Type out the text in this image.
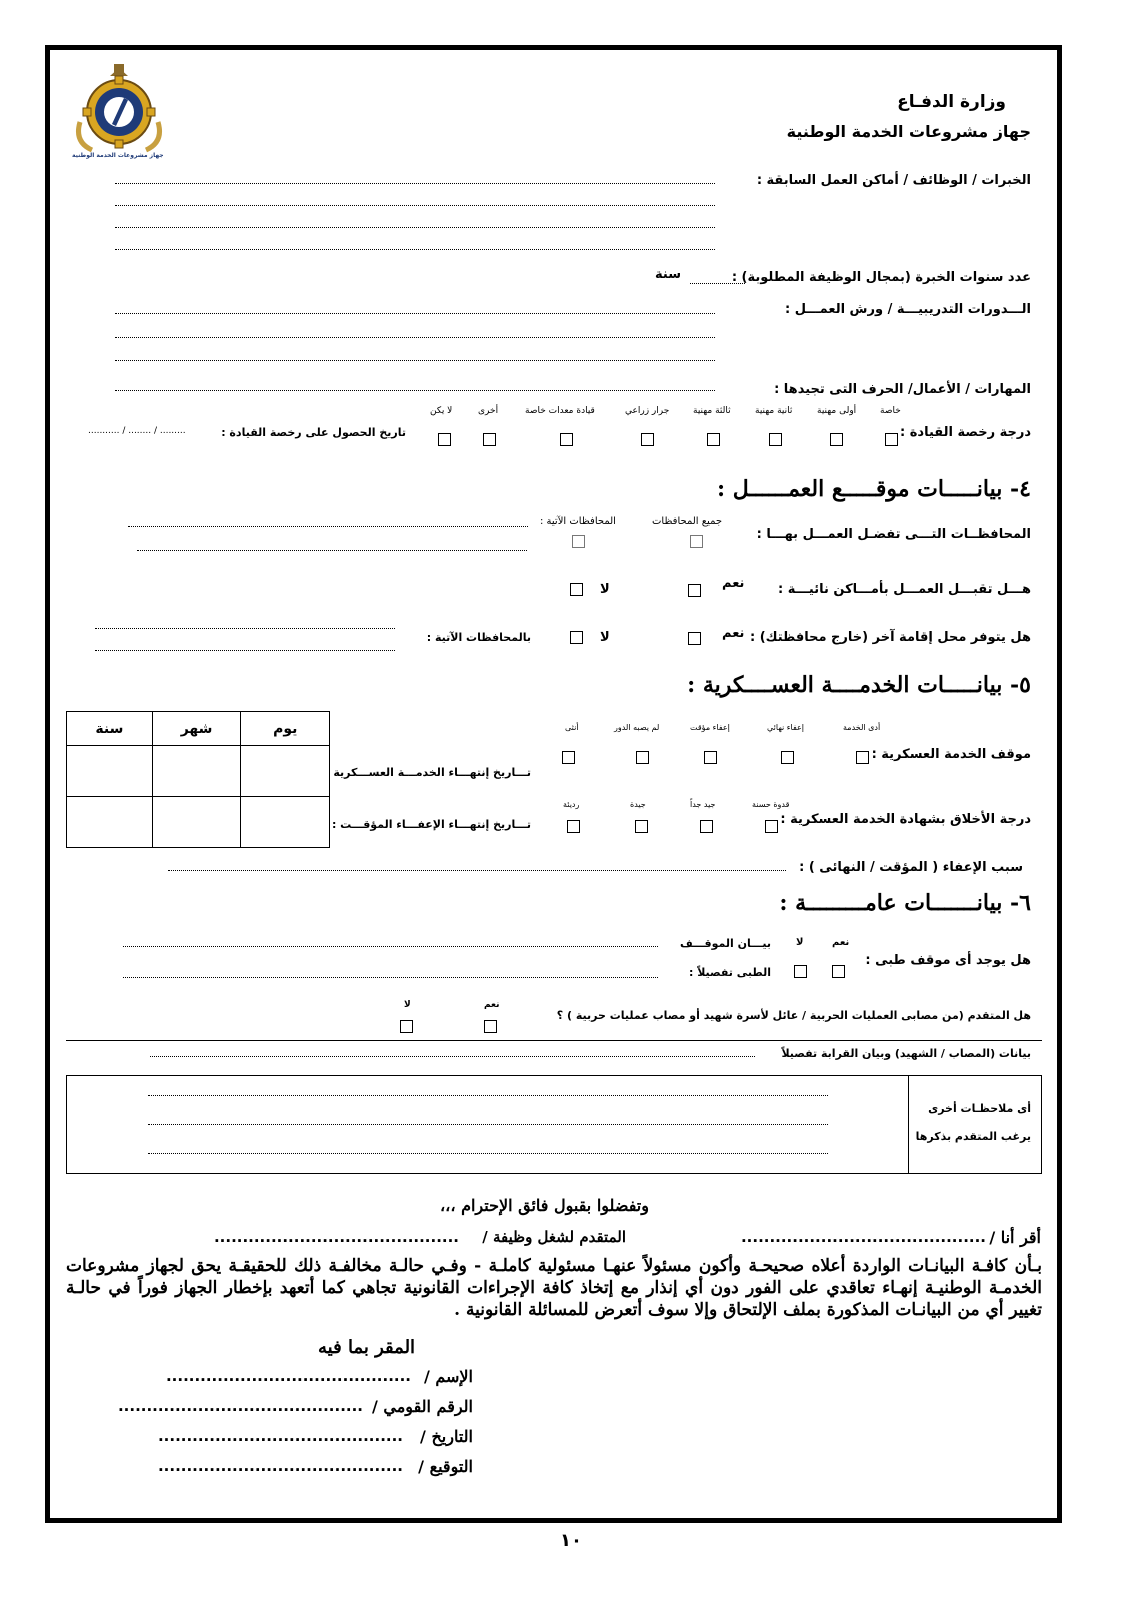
وزارة الدفـاع
جهاز مشروعات الخدمة الوطنية
جهاز مشروعات الخدمة الوطنية
الخبرات / الوظائف / أماكن العمل السابقة :
عدد سنوات الخبرة (بمجال الوظيفة المطلوبة) :
سنة
الـــدورات التدريبيـــة / ورش العمـــل :
المهارات / الأعمال/ الحرف التى تجيدها :
درجة رخصة القيادة :
خاصة
أولى مهنية
ثانية مهنية
ثالثة مهنية
جرار زراعي
قيادة معدات خاصة
أخرى
لا يكن
تاريخ الحصول على رخصة القيادة :
......... / ........ / ...........
٤- بيانـــــات موقـــــع العمــــــل :
المحافظــات التـــى تفضـل العمـــل بهـــا :
جميع المحافظات
المحافظات الآتية :
هـــل تقبـــل العمـــل بأمـــاكن نائيـــة :
نعم
لا
هل يتوفر محل إقامة آخر (خارج محافظتك) :
نعم
لا
بالمحافظات الآتية :
٥- بيانـــــات الخدمــــة العســــكرية :
سنة	شهر	يوم

تـــاريخ إنتهـــاء الخدمـــة العســـكرية
تـــاريخ إنتهـــاء الإعفـــاء المؤقـــت :
موقف الخدمة العسكرية :
أدى الخدمة
إعفاء نهائي
إعفاء مؤقت
لم يصبه الدور
أنثى
درجة الأخلاق بشهادة الخدمة العسكرية :
قدوة حسنة
جيد جداً
جيدة
رديئة
سبب الإعفاء ( المؤقت / النهائى ) :
٦- بيانـــــــات عامـــــــــة :
هل يوجد أى موقف طبى :
نعم
لا
بيـــان الموقـــف
الطبى تفصيلاً :
هل المتقدم (من مصابى العمليات الحربية / عائل لأسرة شهيد أو مصاب عمليات حربية ) ؟
نعم
لا
بيانات (المصاب / الشهيد) وبيان القرابة تفصيلاً
أى ملاحظـات أخرى
يرغب المتقدم بذكرها
وتفضلوا بقبول فائق الإحترام ،،،
أقر أنا /
...........................................
المتقدم لشغل وظيفة /
...........................................
بـأن كافـة البيانـات الواردة أعلاه صحيحـة وأكون مسئولاً عنهـا مسئولية كاملـة - وفـي حالـة مخالفـة ذلك للحقيقـة يحق لجهاز مشروعات الخدمـة الوطنيـة إنهـاء تعاقدي على الفور دون أي إنذار مع إتخاذ كافة الإجراءات القانونية تجاهي كما أتعهد بإخطار الجهاز فوراً في حالـة تغيير أي من البيانـات المذكورة بملف الإلتحاق وإلا سوف أتعرض للمسائلة القانونية .
المقر بما فيه
الإسم /
...........................................
الرقم القومي /
...........................................
التاريخ /
...........................................
التوقيع /
...........................................
١٠
